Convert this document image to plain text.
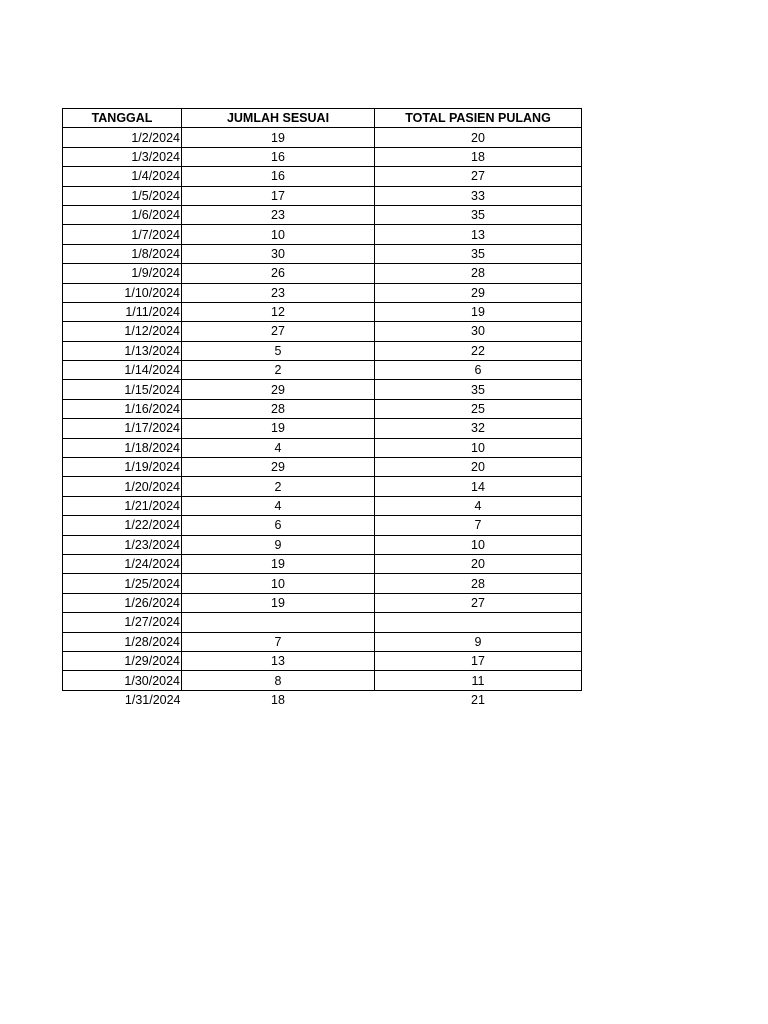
TANGGAL	JUMLAH SESUAI	TOTAL PASIEN PULANG
1/2/2024	19	20
1/3/2024	16	18
1/4/2024	16	27
1/5/2024	17	33
1/6/2024	23	35
1/7/2024	10	13
1/8/2024	30	35
1/9/2024	26	28
1/10/2024	23	29
1/11/2024	12	19
1/12/2024	27	30
1/13/2024	5	22
1/14/2024	2	6
1/15/2024	29	35
1/16/2024	28	25
1/17/2024	19	32
1/18/2024	4	10
1/19/2024	29	20
1/20/2024	2	14
1/21/2024	4	4
1/22/2024	6	7
1/23/2024	9	10
1/24/2024	19	20
1/25/2024	10	28
1/26/2024	19	27
1/27/2024		
1/28/2024	7	9
1/29/2024	13	17
1/30/2024	8	11
1/31/2024	18	21
